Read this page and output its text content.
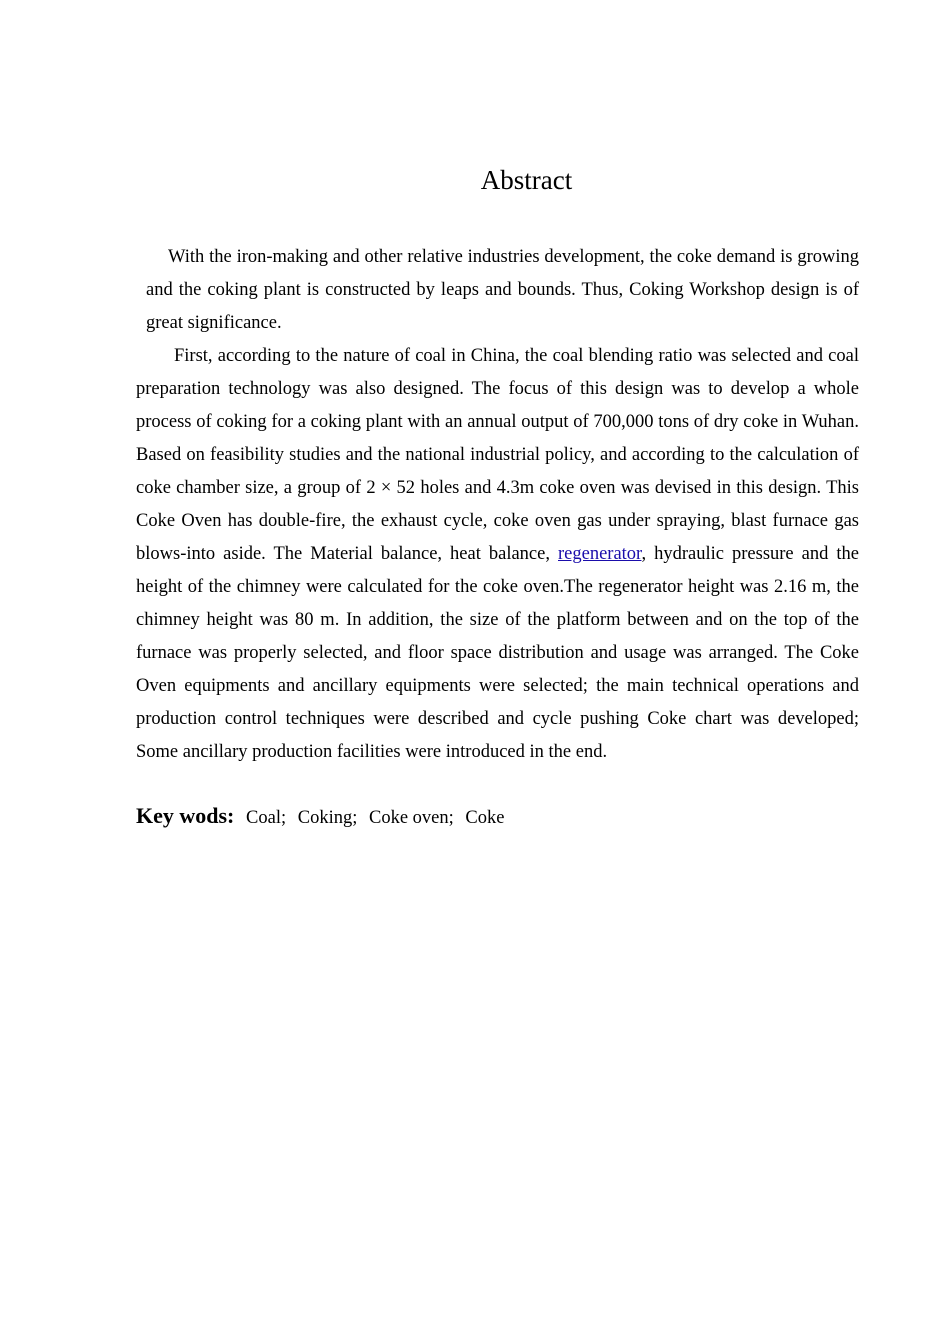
Abstract

With the iron-making and other relative industries development, the coke demand is growing and the coking plant is constructed by leaps and bounds. Thus, Coking Workshop design is of great significance.

First, according to the nature of coal in China, the coal blending ratio was selected and coal preparation technology was also designed. The focus of this design was to develop a whole process of coking for a coking plant with an annual output of 700,000 tons of dry coke in Wuhan. Based on feasibility studies and the national industrial policy, and according to the calculation of coke chamber size, a group of 2 × 52 holes and 4.3m coke oven was devised in this design. This Coke Oven has double-fire, the exhaust cycle, coke oven gas under spraying, blast furnace gas blows-into aside. The Material balance, heat balance, regenerator, hydraulic pressure and the height of the chimney were calculated for the coke oven.The regenerator height was 2.16 m, the chimney height was 80 m. In addition, the size of the platform between and on the top of the furnace was properly selected, and floor space distribution and usage was arranged. The Coke Oven equipments and ancillary equipments were selected; the main technical operations and production control techniques were described and cycle pushing Coke chart was developed; Some ancillary production facilities were introduced in the end.

Key wods: Coal; Coking; Coke oven; Coke
